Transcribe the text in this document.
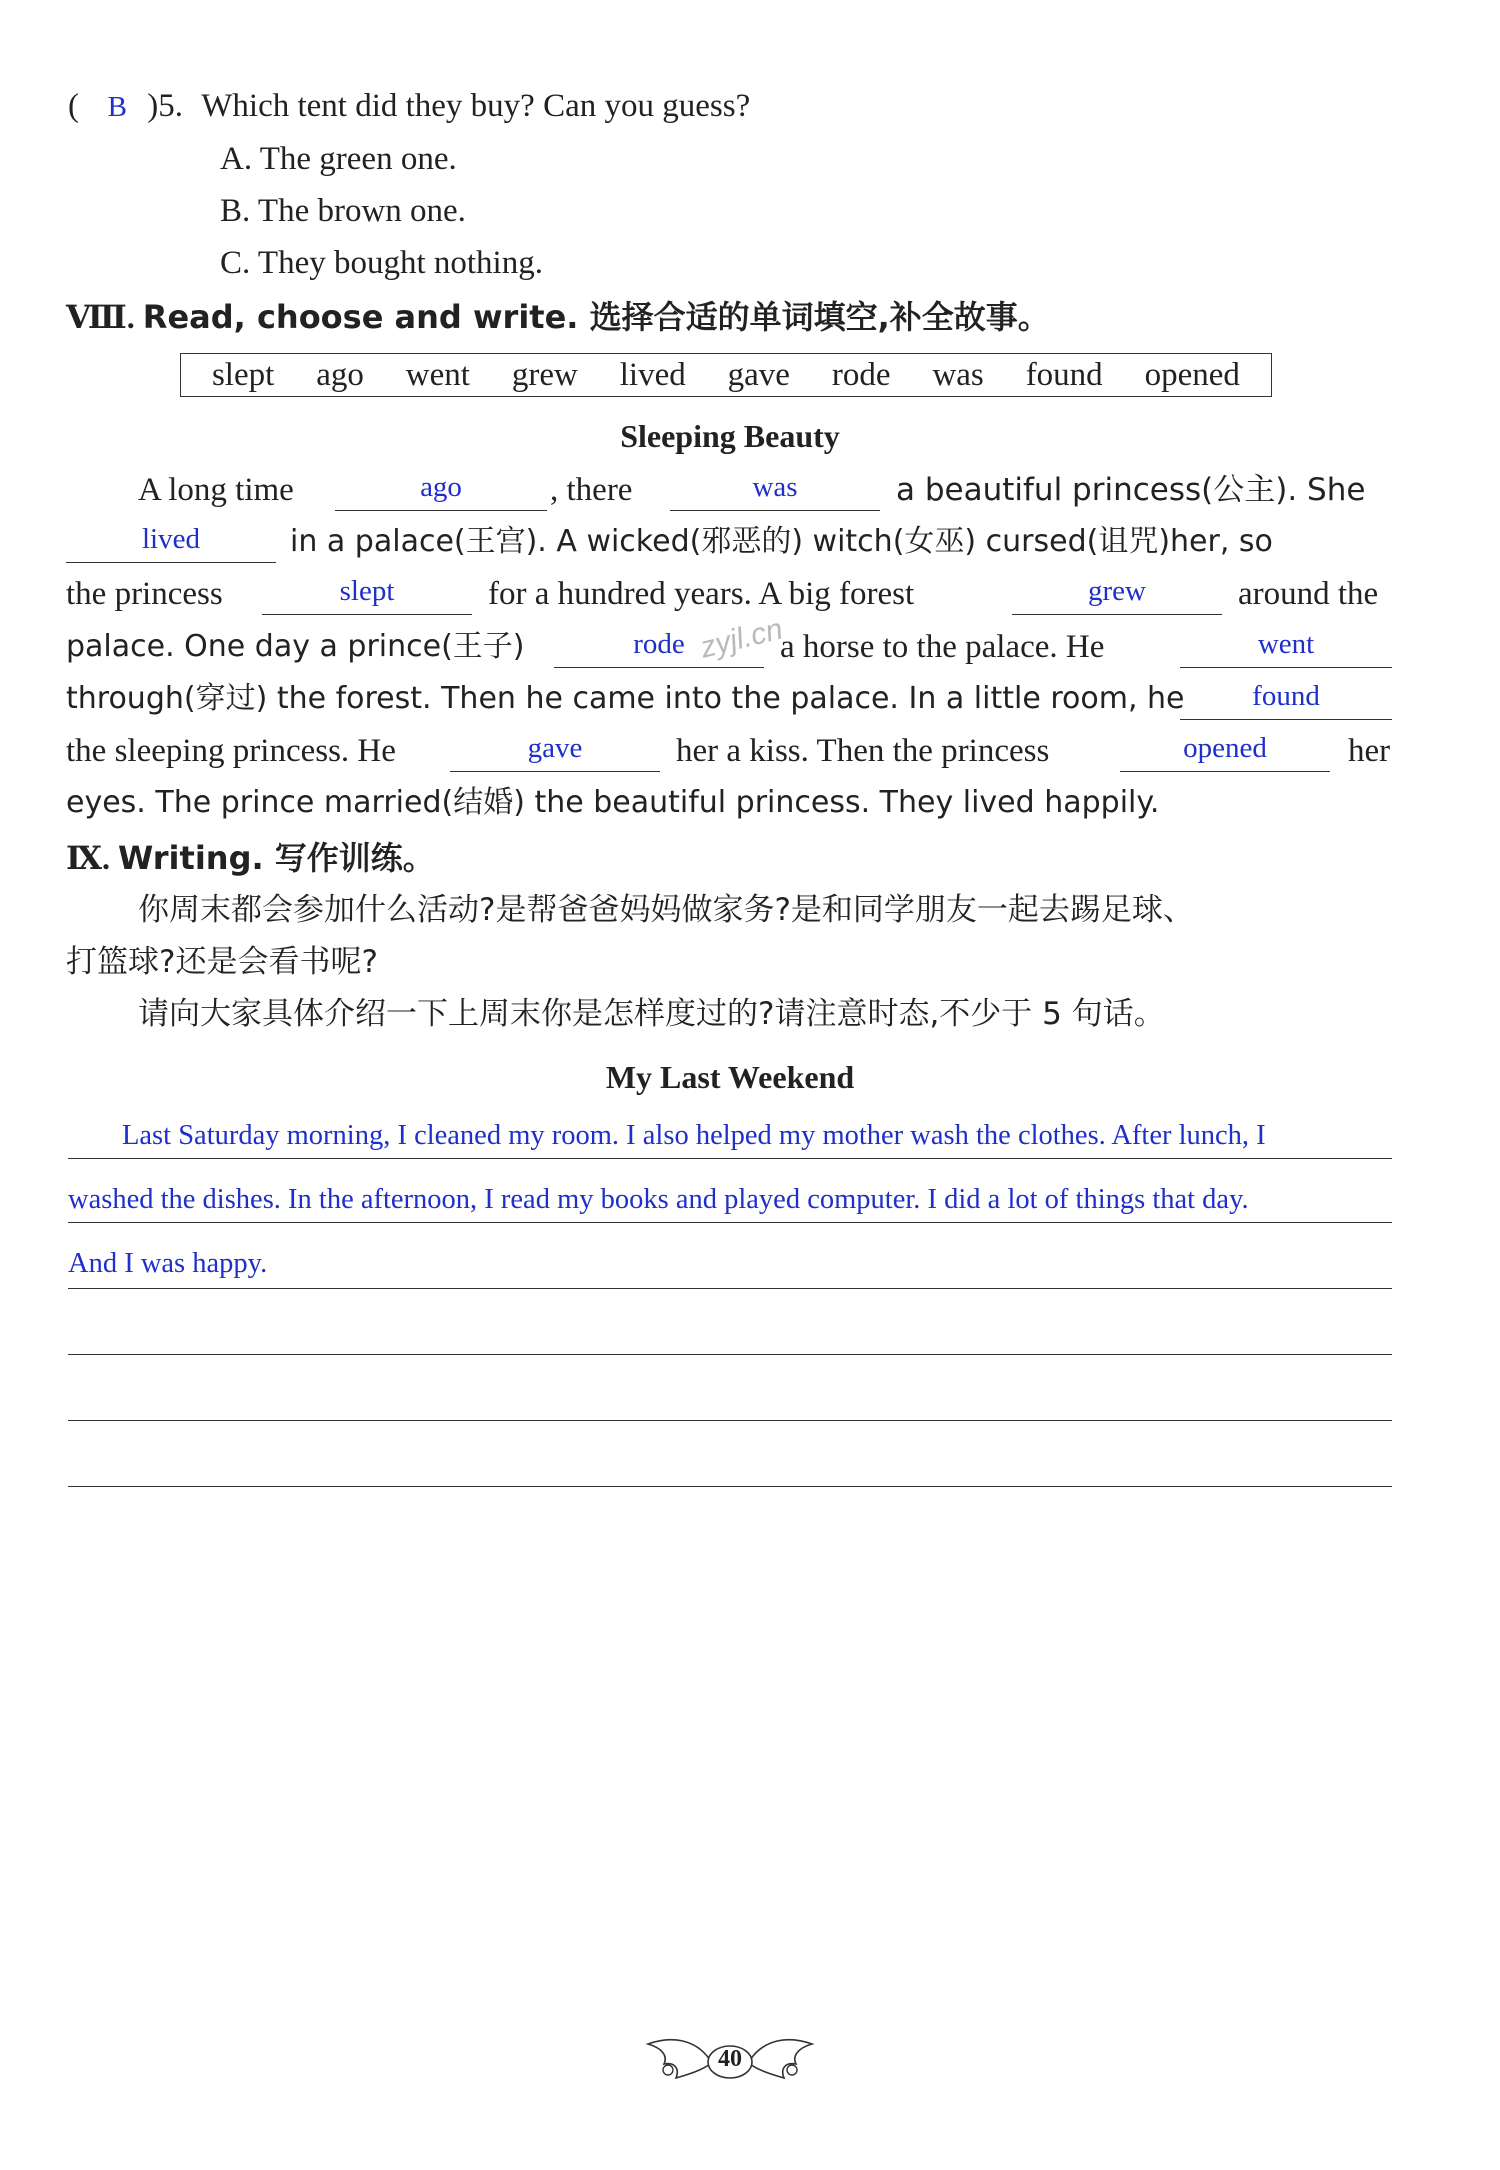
( B )5. Which tent did they buy? Can you guess?
A. The green one.
B. The brown one.
C. They bought nothing.
Ⅷ. Read, choose and write. 选择合适的单词填空,补全故事。
slept ago went grew lived gave rode was found opened
Sleeping Beauty
A long time	ago	, there	was	a beautiful princess(公主). She
lived	in a palace(王宫). A wicked(邪恶的) witch(女巫) cursed(诅咒)her, so
the princess	slept	for a hundred years. A big forest	grew	around the
palace. One day a prince(王子)	rode zyjl.cn
a horse to the palace. He	went
through(穿过) the forest. Then he came into the palace. In a little room, he	found
the sleeping princess. He	gave	her a kiss. Then the princess	opened	her
eyes. The prince married(结婚) the beautiful princess. They lived happily.
Ⅸ. Writing. 写作训练。
你周末都会参加什么活动?是帮爸爸妈妈做家务?是和同学朋友一起去踢足球、
打篮球?还是会看书呢?
请向大家具体介绍一下上周末你是怎样度过的?请注意时态,不少于 5 句话。
My Last Weekend
Last Saturday morning, I cleaned my room. I also helped my mother wash the clothes. After lunch, I
washed the dishes. In the afternoon, I read my books and played computer. I did a lot of things that day.
And I was happy.
40
